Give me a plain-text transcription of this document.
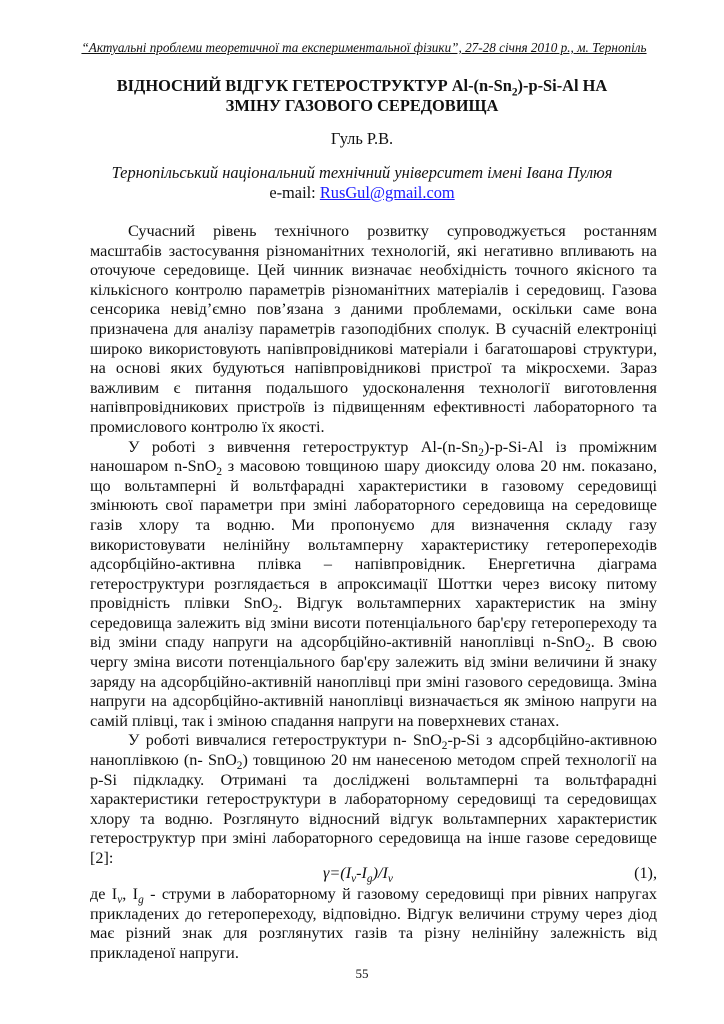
“Актуальні проблеми теоретичної та експериментальної фізики”, 27-28 січня 2010 р., м. Тернопіль
ВІДНОСНИЙ ВІДГУК ГЕТЕРОСТРУКТУР $Al-(n-Sn_2)-p-Si-Al$ НА ЗМІНУ ГАЗОВОГО СЕРЕДОВИЩА
Гуль Р.В.
Тернопільський національний технічний університет імені Івана Пулюя
e-mail: RusGul@gmail.com

Сучасний рівень технічного розвитку супроводжується ростанням масштабів застосування різноманітних технологій, які негативно впливають на оточуюче середовище. Цей чинник визначає необхідність точного якісного та кількісного контролю параметрів різноманітних матеріалів і середовищ. Газова сенсорика невід’ємно пов’язана з даними проблемами, оскільки саме вона призначена для аналізу параметрів газоподібних сполук. В сучасній електроніці широко використовують напівпровідникові матеріали і багатошарові структури, на основі яких будуються напівпровідникові пристрої та мікросхеми. Зараз важливим є питання подальшого удосконалення технології виготовлення напівпровідникових пристроїв із підвищенням ефективності лабораторного та промислового контролю їх якості.

У роботі з вивчення гетероструктур $Al-(n-Sn_2)-p-Si-Al$ із проміжним наношаром n-SnO$_2$ з масовою товщиною шару диоксиду олова 20 нм. показано, що вольтамперні й вольтфарадні характеристики в газовому середовищі змінюють свої параметри при зміні лабораторного середовища на середовище газів хлору та водню. Ми пропонуємо для визначення складу газу використовувати нелінійну вольтамперну характеристику гетеропереходів адсорбційно-активна плівка – напівпровідник. Енергетична діаграма гетероструктури розглядається в апроксимації Шоттки через високу питому провідність плівки SnO$_2$. Відгук вольтамперних характеристик на зміну середовища залежить від зміни висоти потенціального бар'єру гетеропереходу та від зміни спаду напруги на адсорбційно-активній наноплівці n-SnO$_2$. В свою чергу зміна висоти потенціального бар'єру залежить від зміни величини й знаку заряду на адсорбційно-активній наноплівці при зміні газового середовища. Зміна напруги на адсорбційно-активній наноплівці визначається як зміною напруги на самій плівці, так і зміною спадання напруги на поверхневих станах.

У роботі вивчалися гетероструктури n- SnO$_2$-p-Si з адсорбційно-активною наноплівкою (n- SnO$_2$) товщиною 20 нм нанесеною методом спрей технології на p-Si підкладку. Отримані та досліджені вольтамперні та вольтфарадні характеристики гетероструктури в лабораторному середовищі та середовищах хлору та водню. Розглянуто відносний відгук вольтамперних характеристик гетероструктур при зміні лабораторного середовища на інше газове середовище [2]:

$\gamma=(I_v-I_g)/I_v$	(1),
де $I_v$, $I_g$ - струми в лабораторному й газовому середовищі при рівних напругах прикладених до гетеропереходу, відповідно. Відгук величини струму через діод має різний знак для розглянутих газів та різну нелінійну залежність від прикладеної напруги.
55
